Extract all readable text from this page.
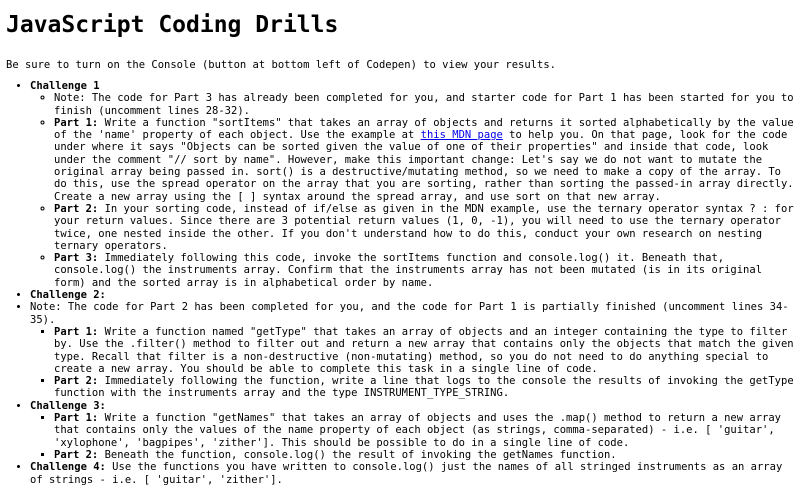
JavaScript Coding Drills

Be sure to turn on the Console (button at bottom left of Codepen) to view your results.

• Challenge 1
◦ Note: The code for Part 3 has already been completed for you, and starter code for Part 1 has been started for you to finish (uncomment lines 28-32).
◦ Part 1: Write a function "sortItems" that takes an array of objects and returns it sorted alphabetically by the value of the 'name' property of each object. Use the example at this MDN page to help you. On that page, look for the code under where it says "Objects can be sorted given the value of one of their properties" and inside that code, look under the comment "// sort by name". However, make this important change: Let's say we do not want to mutate the original array being passed in. sort() is a destructive/mutating method, so we need to make a copy of the array. To do this, use the spread operator on the array that you are sorting, rather than sorting the passed-in array directly. Create a new array using the [ ] syntax around the spread array, and use sort on that new array.
◦ Part 2: In your sorting code, instead of if/else as given in the MDN example, use the ternary operator syntax ? : for your return values. Since there are 3 potential return values (1, 0, -1), you will need to use the ternary operator twice, one nested inside the other. If you don't understand how to do this, conduct your own research on nesting ternary operators.
◦ Part 3: Immediately following this code, invoke the sortItems function and console.log() it. Beneath that, console.log() the instruments array. Confirm that the instruments array has not been mutated (is in its original form) and the sorted array is in alphabetical order by name.
• Challenge 2:
• Note: The code for Part 2 has been completed for you, and the code for Part 1 is partially finished (uncomment lines 34-35).
▪ Part 1: Write a function named "getType" that takes an array of objects and an integer containing the type to filter by. Use the .filter() method to filter out and return a new array that contains only the objects that match the given type. Recall that filter is a non-destructive (non-mutating) method, so you do not need to do anything special to create a new array. You should be able to complete this task in a single line of code.
▪ Part 2: Immediately following the function, write a line that logs to the console the results of invoking the getType function with the instruments array and the type INSTRUMENT_TYPE_STRING.
• Challenge 3:
▪ Part 1: Write a function "getNames" that takes an array of objects and uses the .map() method to return a new array that contains only the values of the name property of each object (as strings, comma-separated) - i.e. [ 'guitar', 'xylophone', 'bagpipes', 'zither']. This should be possible to do in a single line of code.
▪ Part 2: Beneath the function, console.log() the result of invoking the getNames function.
• Challenge 4: Use the functions you have written to console.log() just the names of all stringed instruments as an array of strings - i.e. [ 'guitar', 'zither'].
